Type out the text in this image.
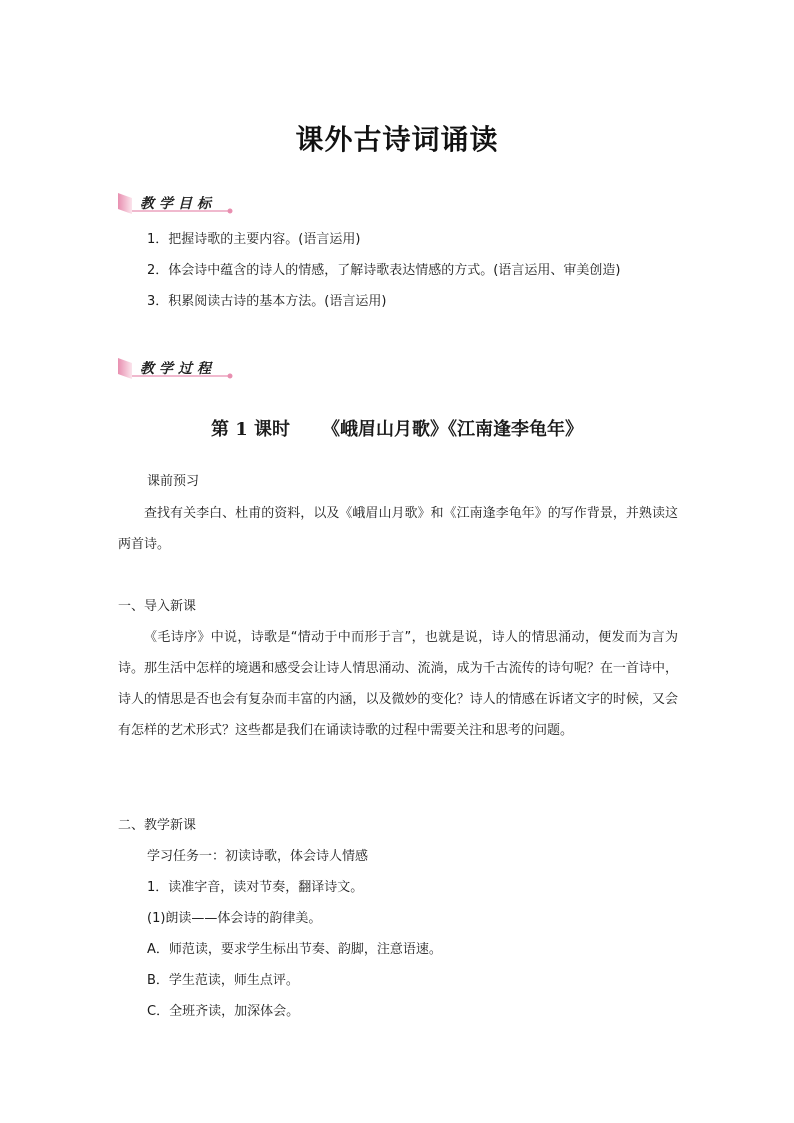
课外古诗词诵读
教学目标
1．把握诗歌的主要内容。(语言运用)
2．体会诗中蕴含的诗人的情感，了解诗歌表达情感的方式。(语言运用、审美创造)
3．积累阅读古诗的基本方法。(语言运用)
教学过程
第 1 课时 《峨眉山月歌》《江南逢李龟年》
课前预习
查找有关李白、杜甫的资料，以及《峨眉山月歌》和《江南逢李龟年》的写作背景，并熟读这两首诗。
一、导入新课
《毛诗序》中说，诗歌是“情动于中而形于言”，也就是说，诗人的情思涌动，便发而为言为诗。那生活中怎样的境遇和感受会让诗人情思涌动、流淌，成为千古流传的诗句呢？在一首诗中，诗人的情思是否也会有复杂而丰富的内涵，以及微妙的变化？诗人的情感在诉诸文字的时候，又会有怎样的艺术形式？这些都是我们在诵读诗歌的过程中需要关注和思考的问题。
二、教学新课
学习任务一：初读诗歌，体会诗人情感
1．读准字音，读对节奏，翻译诗文。
(1)朗读——体会诗的韵律美。
A．师范读，要求学生标出节奏、韵脚，注意语速。
B．学生范读，师生点评。
C．全班齐读，加深体会。
